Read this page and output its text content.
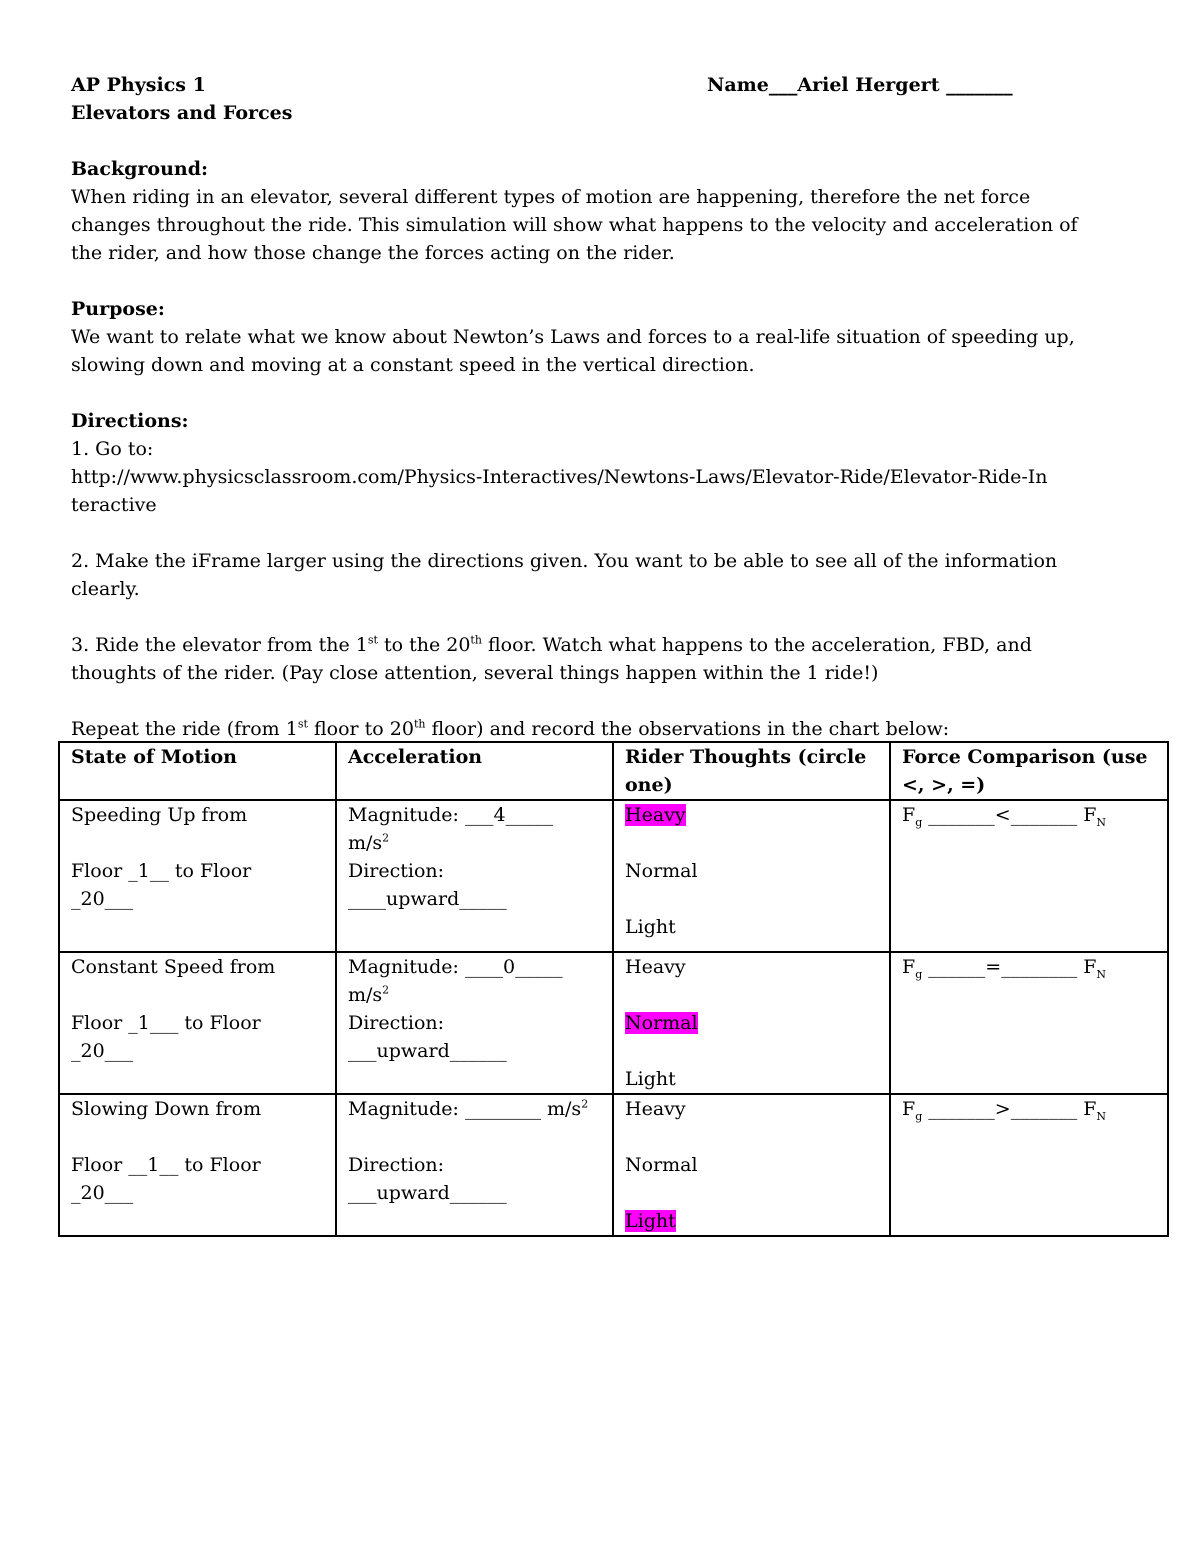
AP Physics 1	Name___Ariel Hergert _______
Elevators and Forces
Background:
When riding in an elevator, several different types of motion are happening, therefore the net force
changes throughout the ride. This simulation will show what happens to the velocity and acceleration of
the rider, and how those change the forces acting on the rider.
Purpose:
We want to relate what we know about Newton’s Laws and forces to a real-life situation of speeding up,
slowing down and moving at a constant speed in the vertical direction.
Directions:
1. Go to:
http://www.physicsclassroom.com/Physics-Interactives/Newtons-Laws/Elevator-Ride/Elevator-Ride-In
teractive
2. Make the iFrame larger using the directions given. You want to be able to see all of the information
clearly.
3. Ride the elevator from the 1st to the 20th floor. Watch what happens to the acceleration, FBD, and
thoughts of the rider. (Pay close attention, several things happen within the 1 ride!)
Repeat the ride (from 1st floor to 20th floor) and record the observations in the chart below:
State of Motion	Acceleration	Rider Thoughts (circle one)	Force Comparison (use <, >, =)

Speeding Up from
Floor _1__ to Floor
_20___	Magnitude: ___4_____
$m/s^2$
Direction:
____upward_____	Heavy
Normal
Light	$F_g$ _______<_______ $F_N$

Constant Speed from
Floor _1___ to Floor
_20___	Magnitude: ____0_____
$m/s^2$
Direction:
___upward______	Heavy
Normal
Light	$F_g$ ______=________ $F_N$

Slowing Down from
Floor __1__ to Floor
_20___	Magnitude: ________ $m/s^2$
Direction:
___upward______	Heavy
Normal
Light	$F_g$ _______>_______ $F_N$
